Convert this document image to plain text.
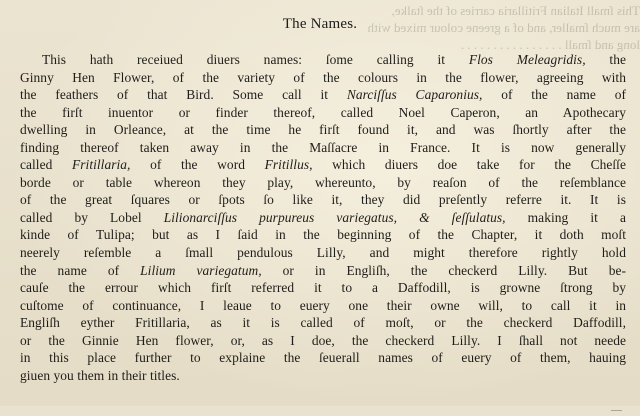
This ſmall Italian Fritillaria carries of the ſtalke,
are much ſmaller, and of a greene colour mixed with
long and ſmall . . . . . . . . . . . . . . . .
The Names.
This hath receiued diuers names: ſome calling it Flos Meleagridis, the
Ginny Hen Flower, of the variety of the colours in the flower, agreeing with
the feathers of that Bird. Some call it Narciſſus Caparonius, of the name of
the firſt inuentor or finder thereof, called Noel Caperon, an Apothecary
dwelling in Orleance, at the time he firſt found it, and was ſhortly after the
finding thereof taken away in the Maſſacre in France. It is now generally
called Fritillaria, of the word Fritillus, which diuers doe take for the Cheſſe
borde or table whereon they play, whereunto, by reaſon of the reſemblance
of the great ſquares or ſpots ſo like it, they did preſently referre it. It is
called by Lobel Lilionarciſſus purpureus variegatus, & ſeſſulatus, making it a
kinde of Tulipa; but as I ſaid in the beginning of the Chapter, it doth moſt
neerely reſemble a ſmall pendulous Lilly, and might therefore rightly hold
the name of Lilium variegatum, or in Engliſh, the checkerd Lilly. But be-
cauſe the errour which firſt referred it to a Daffodill, is growne ſtrong by
cuſtome of continuance, I leaue to euery one their owne will, to call it in
Engliſh eyther Fritillaria, as it is called of moſt, or the checkerd Daffodill,
or the Ginnie Hen flower, or, as I doe, the checkerd Lilly. I ſhall not neede
in this place further to explaine the ſeuerall names of euery of them, hauing
giuen you them in their titles.
—
